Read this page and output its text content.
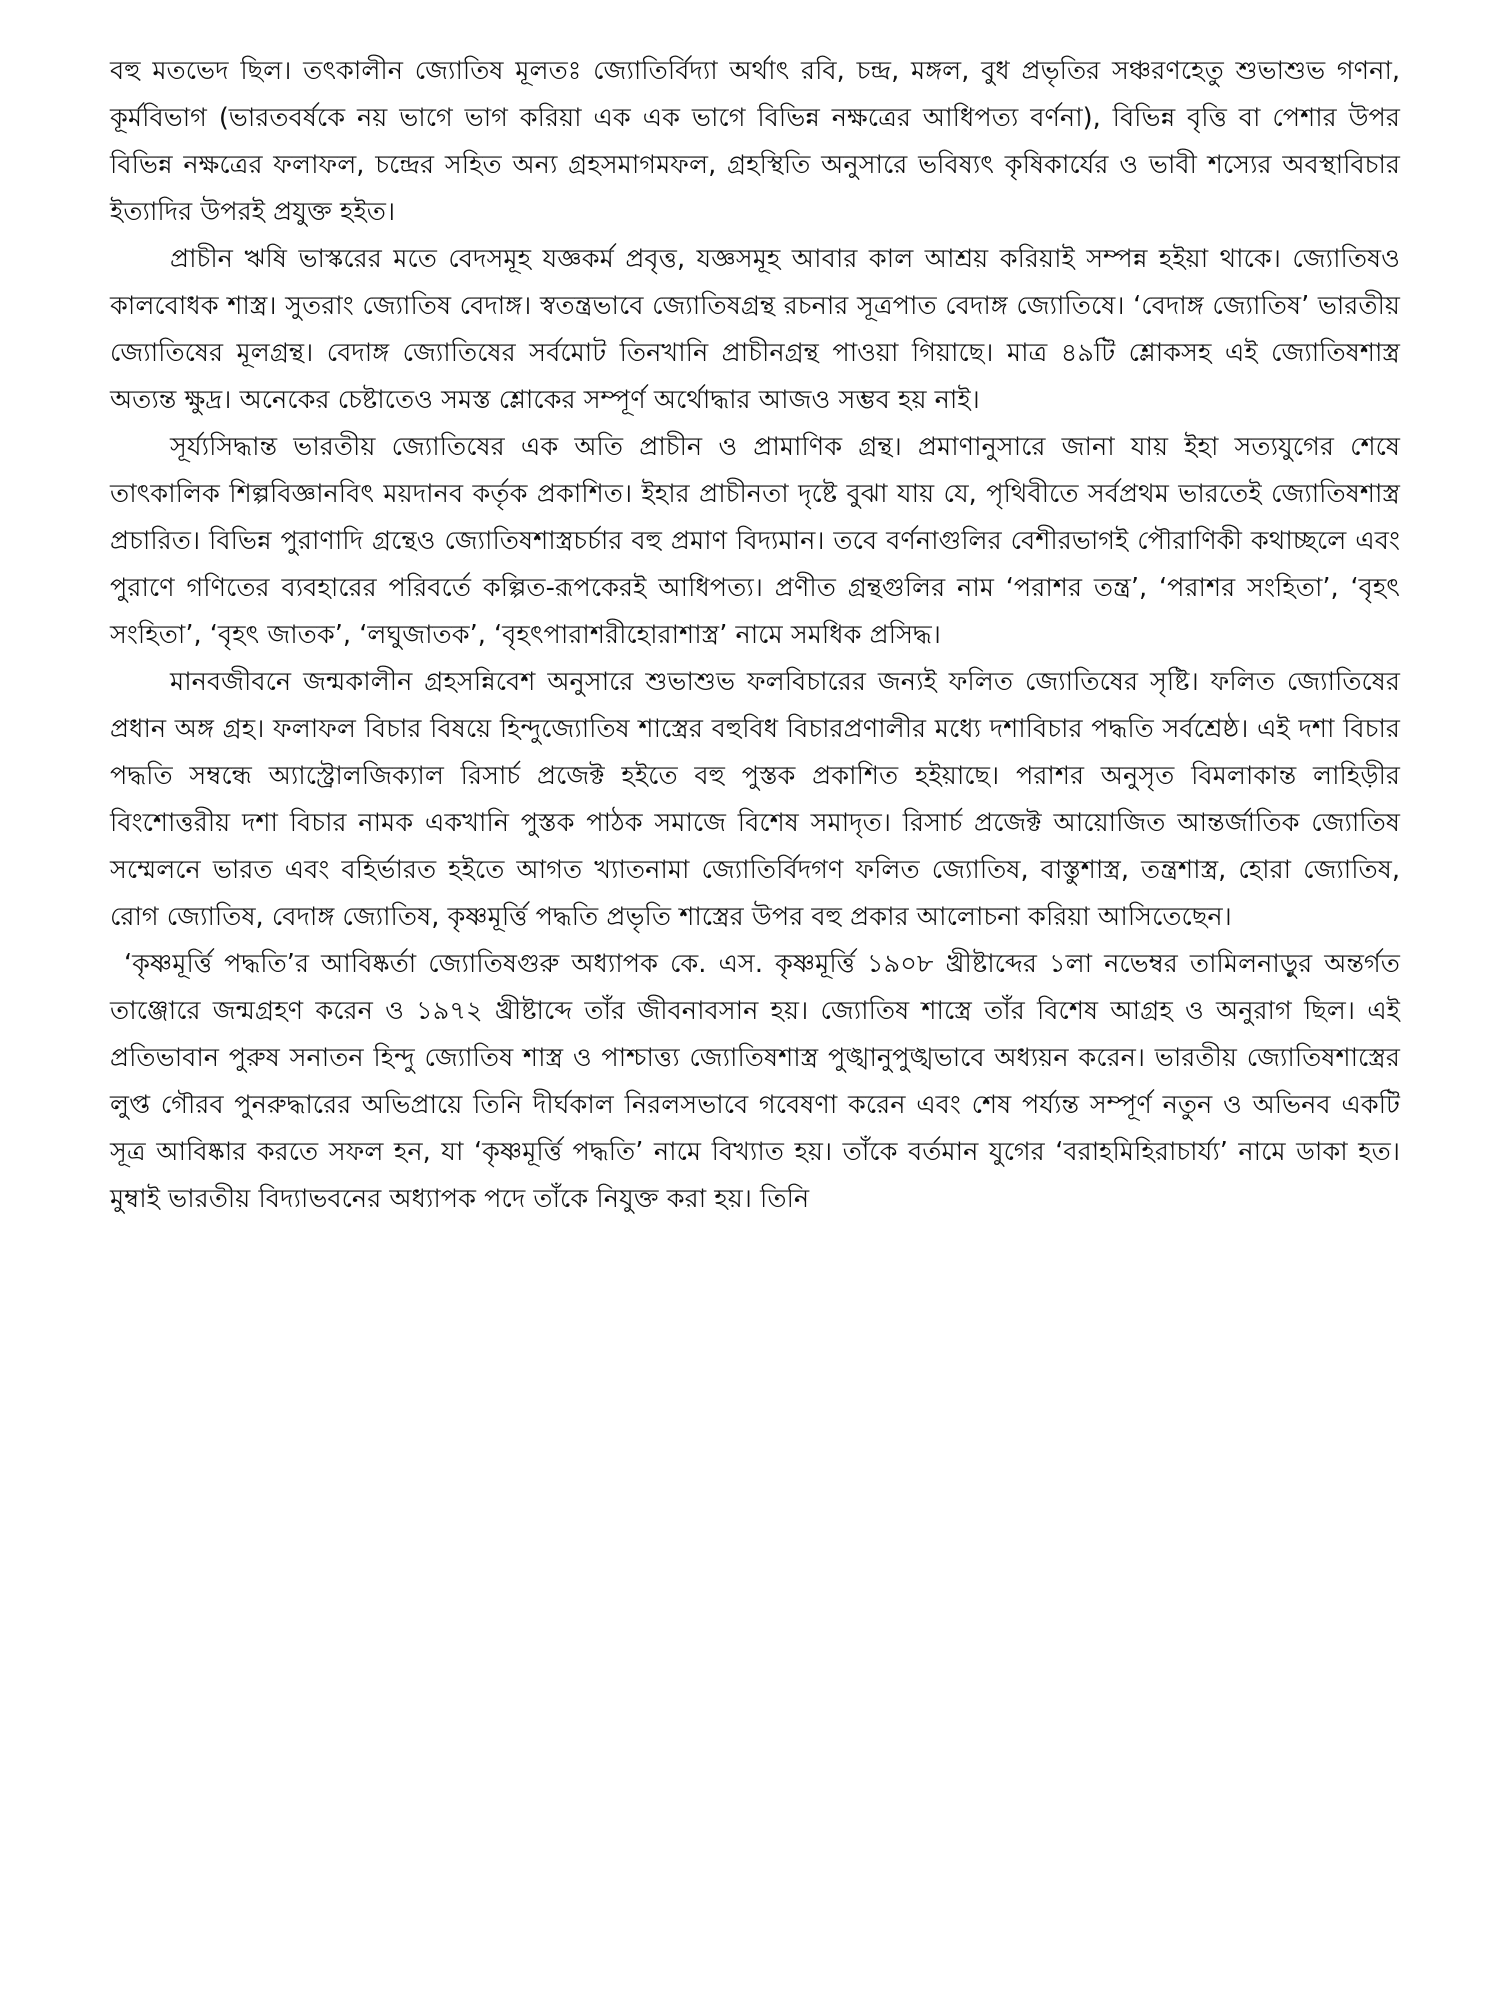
বহু মতভেদ ছিল। তৎকালীন জ্যোতিষ মূলতঃ জ্যোতির্বিদ্যা অর্থাৎ রবি, চন্দ্র, মঙ্গল, বুধ প্রভৃতির সঞ্চরণহেতু শুভাশুভ গণনা, কূর্মবিভাগ (ভারতবর্ষকে নয় ভাগে ভাগ করিয়া এক এক ভাগে বিভিন্ন নক্ষত্রের আধিপত্য বর্ণনা), বিভিন্ন বৃত্তি বা পেশার উপর বিভিন্ন নক্ষত্রের ফলাফল, চন্দ্রের সহিত অন্য গ্রহসমাগমফল, গ্রহস্থিতি অনুসারে ভবিষ্যৎ কৃষিকার্যের ও ভাবী শস্যের অবস্থাবিচার ইত্যাদির উপরই প্রযুক্ত হইত।

প্রাচীন ঋষি ভাস্করের মতে বেদসমূহ যজ্ঞকর্ম প্রবৃত্ত, যজ্ঞসমূহ আবার কাল আশ্রয় করিয়াই সম্পন্ন হইয়া থাকে। জ্যোতিষও কালবোধক শাস্ত্র। সুতরাং জ্যোতিষ বেদাঙ্গ। স্বতন্ত্রভাবে জ্যোতিষগ্রন্থ রচনার সূত্রপাত বেদাঙ্গ জ্যোতিষে। ‘বেদাঙ্গ জ্যোতিষ’ ভারতীয় জ্যোতিষের মূলগ্রন্থ। বেদাঙ্গ জ্যোতিষের সর্বমোট তিনখানি প্রাচীনগ্রন্থ পাওয়া গিয়াছে। মাত্র ৪৯টি শ্লোকসহ এই জ্যোতিষশাস্ত্র অত্যন্ত ক্ষুদ্র। অনেকের চেষ্টাতেও সমস্ত শ্লোকের সম্পূর্ণ অর্থোদ্ধার আজও সম্ভব হয় নাই।

সূর্য্যসিদ্ধান্ত ভারতীয় জ্যোতিষের এক অতি প্রাচীন ও প্রামাণিক গ্রন্থ। প্রমাণানুসারে জানা যায় ইহা সত্যযুগের শেষে তাৎকালিক শিল্পবিজ্ঞানবিৎ ময়দানব কর্তৃক প্রকাশিত। ইহার প্রাচীনতা দৃষ্টে বুঝা যায় যে, পৃথিবীতে সর্বপ্রথম ভারতেই জ্যোতিষশাস্ত্র প্রচারিত। বিভিন্ন পুরাণাদি গ্রন্থেও জ্যোতিষশাস্ত্রচর্চার বহু প্রমাণ বিদ্যমান। তবে বর্ণনাগুলির বেশীরভাগই পৌরাণিকী কথাচ্ছলে এবং পুরাণে গণিতের ব্যবহারের পরিবর্তে কল্পিত-রূপকেরই আধিপত্য। প্রণীত গ্রন্থগুলির নাম ‘পরাশর তন্ত্র’, ‘পরাশর সংহিতা’, ‘বৃহৎ সংহিতা’, ‘বৃহৎ জাতক’, ‘লঘুজাতক’, ‘বৃহৎপারাশরীহোরাশাস্ত্র’ নামে সমধিক প্রসিদ্ধ।

মানবজীবনে জন্মকালীন গ্রহসন্নিবেশ অনুসারে শুভাশুভ ফলবিচারের জন্যই ফলিত জ্যোতিষের সৃষ্টি। ফলিত জ্যোতিষের প্রধান অঙ্গ গ্রহ। ফলাফল বিচার বিষয়ে হিন্দুজ্যোতিষ শাস্ত্রের বহুবিধ বিচারপ্রণালীর মধ্যে দশাবিচার পদ্ধতি সর্বশ্রেষ্ঠ। এই দশা বিচার পদ্ধতি সম্বন্ধে অ্যাস্ট্রোলজিক্যাল রিসার্চ প্রজেক্ট হইতে বহু পুস্তক প্রকাশিত হইয়াছে। পরাশর অনুসৃত বিমলাকান্ত লাহিড়ীর বিংশোত্তরীয় দশা বিচার নামক একখানি পুস্তক পাঠক সমাজে বিশেষ সমাদৃত। রিসার্চ প্রজেক্ট আয়োজিত আন্তর্জাতিক জ্যোতিষ সম্মেলনে ভারত এবং বহির্ভারত হইতে আগত খ্যাতনামা জ্যোতির্বিদগণ ফলিত জ্যোতিষ, বাস্তুশাস্ত্র, তন্ত্রশাস্ত্র, হোরা জ্যোতিষ, রোগ জ্যোতিষ, বেদাঙ্গ জ্যোতিষ, কৃষ্ণমূর্ত্তি পদ্ধতি প্রভৃতি শাস্ত্রের উপর বহু প্রকার আলোচনা করিয়া আসিতেছেন।

‘কৃষ্ণমূর্ত্তি পদ্ধতি’র আবিষ্কর্তা জ্যোতিষগুরু অধ্যাপক কে. এস. কৃষ্ণমূর্ত্তি ১৯০৮ খ্রীষ্টাব্দের ১লা নভেম্বর তামিলনাড়ুর অন্তর্গত তাঞ্জোরে জন্মগ্রহণ করেন ও ১৯৭২ খ্রীষ্টাব্দে তাঁর জীবনাবসান হয়। জ্যোতিষ শাস্ত্রে তাঁর বিশেষ আগ্রহ ও অনুরাগ ছিল। এই প্রতিভাবান পুরুষ সনাতন হিন্দু জ্যোতিষ শাস্ত্র ও পাশ্চাত্ত্য জ্যোতিষশাস্ত্র পুঙ্খানুপুঙ্খভাবে অধ্যয়ন করেন। ভারতীয় জ্যোতিষশাস্ত্রের লুপ্ত গৌরব পুনরুদ্ধারের অভিপ্রায়ে তিনি দীর্ঘকাল নিরলসভাবে গবেষণা করেন এবং শেষ পর্য্যন্ত সম্পূর্ণ নতুন ও অভিনব একটি সূত্র আবিষ্কার করতে সফল হন, যা ‘কৃষ্ণমূর্ত্তি পদ্ধতি’ নামে বিখ্যাত হয়। তাঁকে বর্তমান যুগের ‘বরাহমিহিরাচার্য্য’ নামে ডাকা হত। মুম্বাই ভারতীয় বিদ্যাভবনের অধ্যাপক পদে তাঁকে নিযুক্ত করা হয়। তিনি
